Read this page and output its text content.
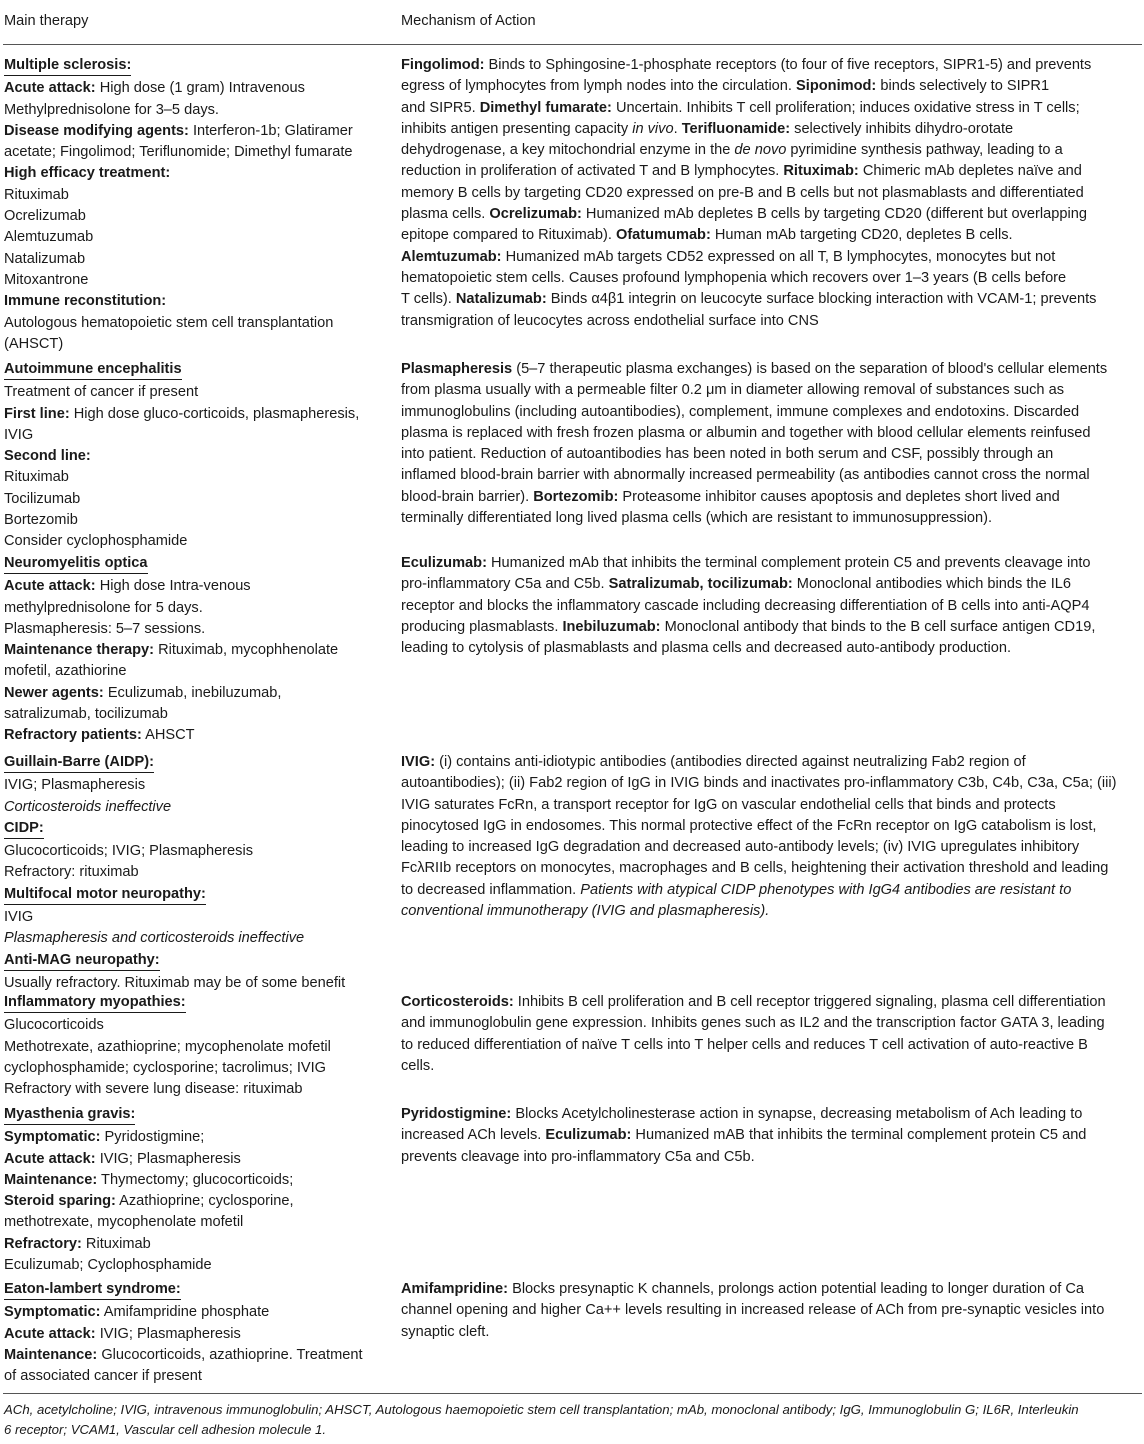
Main therapy	Mechanism of Action
Multiple sclerosis:
Acute attack: High dose (1 gram) Intravenous
Methylprednisolone for 3–5 days.
Disease modifying agents: Interferon-1b; Glatiramer
acetate; Fingolimod; Teriflunomide; Dimethyl fumarate
High efficacy treatment:
Rituximab
Ocrelizumab
Alemtuzumab
Natalizumab
Mitoxantrone
Immune reconstitution:
Autologous hematopoietic stem cell transplantation
(AHSCT)
Fingolimod: Binds to Sphingosine-1-phosphate receptors (to four of five receptors, SIPR1-5) and prevents
egress of lymphocytes from lymph nodes into the circulation. Siponimod: binds selectively to SIPR1
and SIPR5. Dimethyl fumarate: Uncertain. Inhibits T cell proliferation; induces oxidative stress in T cells;
inhibits antigen presenting capacity in vivo. Terifluonamide: selectively inhibits dihydro-orotate
dehydrogenase, a key mitochondrial enzyme in the de novo pyrimidine synthesis pathway, leading to a
reduction in proliferation of activated T and B lymphocytes. Rituximab: Chimeric mAb depletes naïve and
memory B cells by targeting CD20 expressed on pre-B and B cells but not plasmablasts and differentiated
plasma cells. Ocrelizumab: Humanized mAb depletes B cells by targeting CD20 (different but overlapping
epitope compared to Rituximab). Ofatumumab: Human mAb targeting CD20, depletes B cells.
Alemtuzumab: Humanized mAb targets CD52 expressed on all T, B lymphocytes, monocytes but not
hematopoietic stem cells. Causes profound lymphopenia which recovers over 1–3 years (B cells before
T cells). Natalizumab: Binds α4β1 integrin on leucocyte surface blocking interaction with VCAM-1; prevents
transmigration of leucocytes across endothelial surface into CNS
Autoimmune encephalitis
Treatment of cancer if present
First line: High dose gluco-corticoids, plasmapheresis,
IVIG
Second line:
Rituximab
Tocilizumab
Bortezomib
Consider cyclophosphamide
Plasmapheresis (5–7 therapeutic plasma exchanges) is based on the separation of blood's cellular elements
from plasma usually with a permeable filter 0.2 μm in diameter allowing removal of substances such as
immunoglobulins (including autoantibodies), complement, immune complexes and endotoxins. Discarded
plasma is replaced with fresh frozen plasma or albumin and together with blood cellular elements reinfused
into patient. Reduction of autoantibodies has been noted in both serum and CSF, possibly through an
inflamed blood-brain barrier with abnormally increased permeability (as antibodies cannot cross the normal
blood-brain barrier). Bortezomib: Proteasome inhibitor causes apoptosis and depletes short lived and
terminally differentiated long lived plasma cells (which are resistant to immunosuppression).
Neuromyelitis optica
Acute attack: High dose Intra-venous
methylprednisolone for 5 days.
Plasmapheresis: 5–7 sessions.
Maintenance therapy: Rituximab, mycophhenolate
mofetil, azathiorine
Newer agents: Eculizumab, inebiluzumab,
satralizumab, tocilizumab
Refractory patients: AHSCT
Eculizumab: Humanized mAb that inhibits the terminal complement protein C5 and prevents cleavage into
pro-inflammatory C5a and C5b. Satralizumab, tocilizumab: Monoclonal antibodies which binds the IL6
receptor and blocks the inflammatory cascade including decreasing differentiation of B cells into anti-AQP4
producing plasmablasts. Inebiluzumab: Monoclonal antibody that binds to the B cell surface antigen CD19,
leading to cytolysis of plasmablasts and plasma cells and decreased auto-antibody production.
Guillain-Barre (AIDP):
IVIG; Plasmapheresis
Corticosteroids ineffective
CIDP:
Glucocorticoids; IVIG; Plasmapheresis
Refractory: rituximab
Multifocal motor neuropathy:
IVIG
Plasmapheresis and corticosteroids ineffective
Anti-MAG neuropathy:
Usually refractory. Rituximab may be of some benefit
IVIG: (i) contains anti-idiotypic antibodies (antibodies directed against neutralizing Fab2 region of
autoantibodies); (ii) Fab2 region of IgG in IVIG binds and inactivates pro-inflammatory C3b, C4b, C3a, C5a; (iii)
IVIG saturates FcRn, a transport receptor for IgG on vascular endothelial cells that binds and protects
pinocytosed IgG in endosomes. This normal protective effect of the FcRn receptor on IgG catabolism is lost,
leading to increased IgG degradation and decreased auto-antibody levels; (iv) IVIG upregulates inhibitory
FcλRIIb receptors on monocytes, macrophages and B cells, heightening their activation threshold and leading
to decreased inflammation. Patients with atypical CIDP phenotypes with IgG4 antibodies are resistant to
conventional immunotherapy (IVIG and plasmapheresis).
Inflammatory myopathies:
Glucocorticoids
Methotrexate, azathioprine; mycophenolate mofetil
cyclophosphamide; cyclosporine; tacrolimus; IVIG
Refractory with severe lung disease: rituximab
Corticosteroids: Inhibits B cell proliferation and B cell receptor triggered signaling, plasma cell differentiation
and immunoglobulin gene expression. Inhibits genes such as IL2 and the transcription factor GATA 3, leading
to reduced differentiation of naïve T cells into T helper cells and reduces T cell activation of auto-reactive B
cells.
Myasthenia gravis:
Symptomatic: Pyridostigmine;
Acute attack: IVIG; Plasmapheresis
Maintenance: Thymectomy; glucocorticoids;
Steroid sparing: Azathioprine; cyclosporine,
methotrexate, mycophenolate mofetil
Refractory: Rituximab
Eculizumab; Cyclophosphamide
Pyridostigmine: Blocks Acetylcholinesterase action in synapse, decreasing metabolism of Ach leading to
increased ACh levels. Eculizumab: Humanized mAB that inhibits the terminal complement protein C5 and
prevents cleavage into pro-inflammatory C5a and C5b.
Eaton-lambert syndrome:
Symptomatic: Amifampridine phosphate
Acute attack: IVIG; Plasmapheresis
Maintenance: Glucocorticoids, azathioprine. Treatment
of associated cancer if present
Amifampridine: Blocks presynaptic K channels, prolongs action potential leading to longer duration of Ca
channel opening and higher Ca++ levels resulting in increased release of ACh from pre-synaptic vesicles into
synaptic cleft.
ACh, acetylcholine; IVIG, intravenous immunoglobulin; AHSCT, Autologous haemopoietic stem cell transplantation; mAb, monoclonal antibody; IgG, Immunoglobulin G; IL6R, Interleukin
6 receptor; VCAM1, Vascular cell adhesion molecule 1.
